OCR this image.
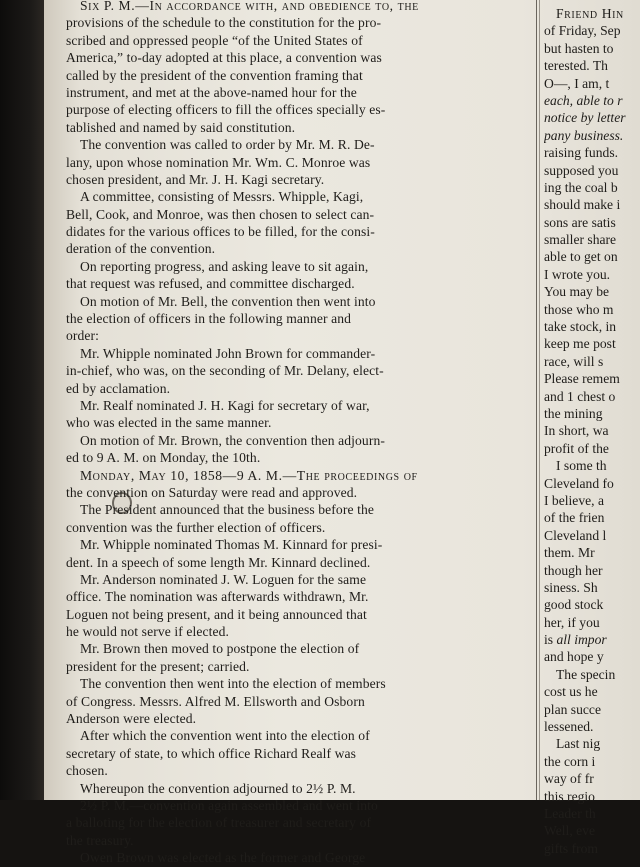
Six P. M.—In accordance with, and obedience to, the
provisions of the schedule to the constitution for the pro-
scribed and oppressed people “of the United States of
America,” to-day adopted at this place, a convention was
called by the president of the convention framing that
instrument, and met at the above-named hour for the
purpose of electing officers to fill the offices specially es-
tablished and named by said constitution.
The convention was called to order by Mr. M. R. De-
lany, upon whose nomination Mr. Wm. C. Monroe was
chosen president, and Mr. J. H. Kagi secretary.
A committee, consisting of Messrs. Whipple, Kagi,
Bell, Cook, and Monroe, was then chosen to select can-
didates for the various offices to be filled, for the consi-
deration of the convention.
On reporting progress, and asking leave to sit again,
that request was refused, and committee discharged.
On motion of Mr. Bell, the convention then went into
the election of officers in the following manner and
order:
Mr. Whipple nominated John Brown for commander-
in-chief, who was, on the seconding of Mr. Delany, elect-
ed by acclamation.
Mr. Realf nominated J. H. Kagi for secretary of war,
who was elected in the same manner.
On motion of Mr. Brown, the convention then adjourn-
ed to 9 A. M. on Monday, the 10th.
Monday, May 10, 1858—9 A. M.—The proceedings of
the convention on Saturday were read and approved.
The President announced that the business before the
convention was the further election of officers.
Mr. Whipple nominated Thomas M. Kinnard for presi-
dent. In a speech of some length Mr. Kinnard declined.
Mr. Anderson nominated J. W. Loguen for the same
office. The nomination was afterwards withdrawn, Mr.
Loguen not being present, and it being announced that
he would not serve if elected.
Mr. Brown then moved to postpone the election of
president for the present; carried.
The convention then went into the election of members
of Congress. Messrs. Alfred M. Ellsworth and Osborn
Anderson were elected.
After which the convention went into the election of
secretary of state, to which office Richard Realf was
chosen.
Whereupon the convention adjourned to 2½ P. M.
2½ P. M.—convention again assembled and went into
a balloting for the election of treasurer and secretary of
the treasury.
Owen Brown was elected as the former and George
Friend Hin
of Friday, Sep
but hasten to
terested. Th
O—, I am, t
each, able to r
notice by letter
pany business.
raising funds.
supposed you
ing the coal b
should make i
sons are satis
smaller share
able to get on
I wrote you.
You may be
those who m
take stock, in
keep me post
race, will s
Please remem
and 1 chest o
the mining
In short, wa
profit of the
I some th
Cleveland fo
I believe, a
of the frien
Cleveland l
them. Mr
though her
siness. Sh
good stock
her, if you
is all impor
and hope y
The specin
cost us he
plan succe
lessened.
Last nig
the corn i
way of fr
this regio
Leader th
Well, eve
gifts from
